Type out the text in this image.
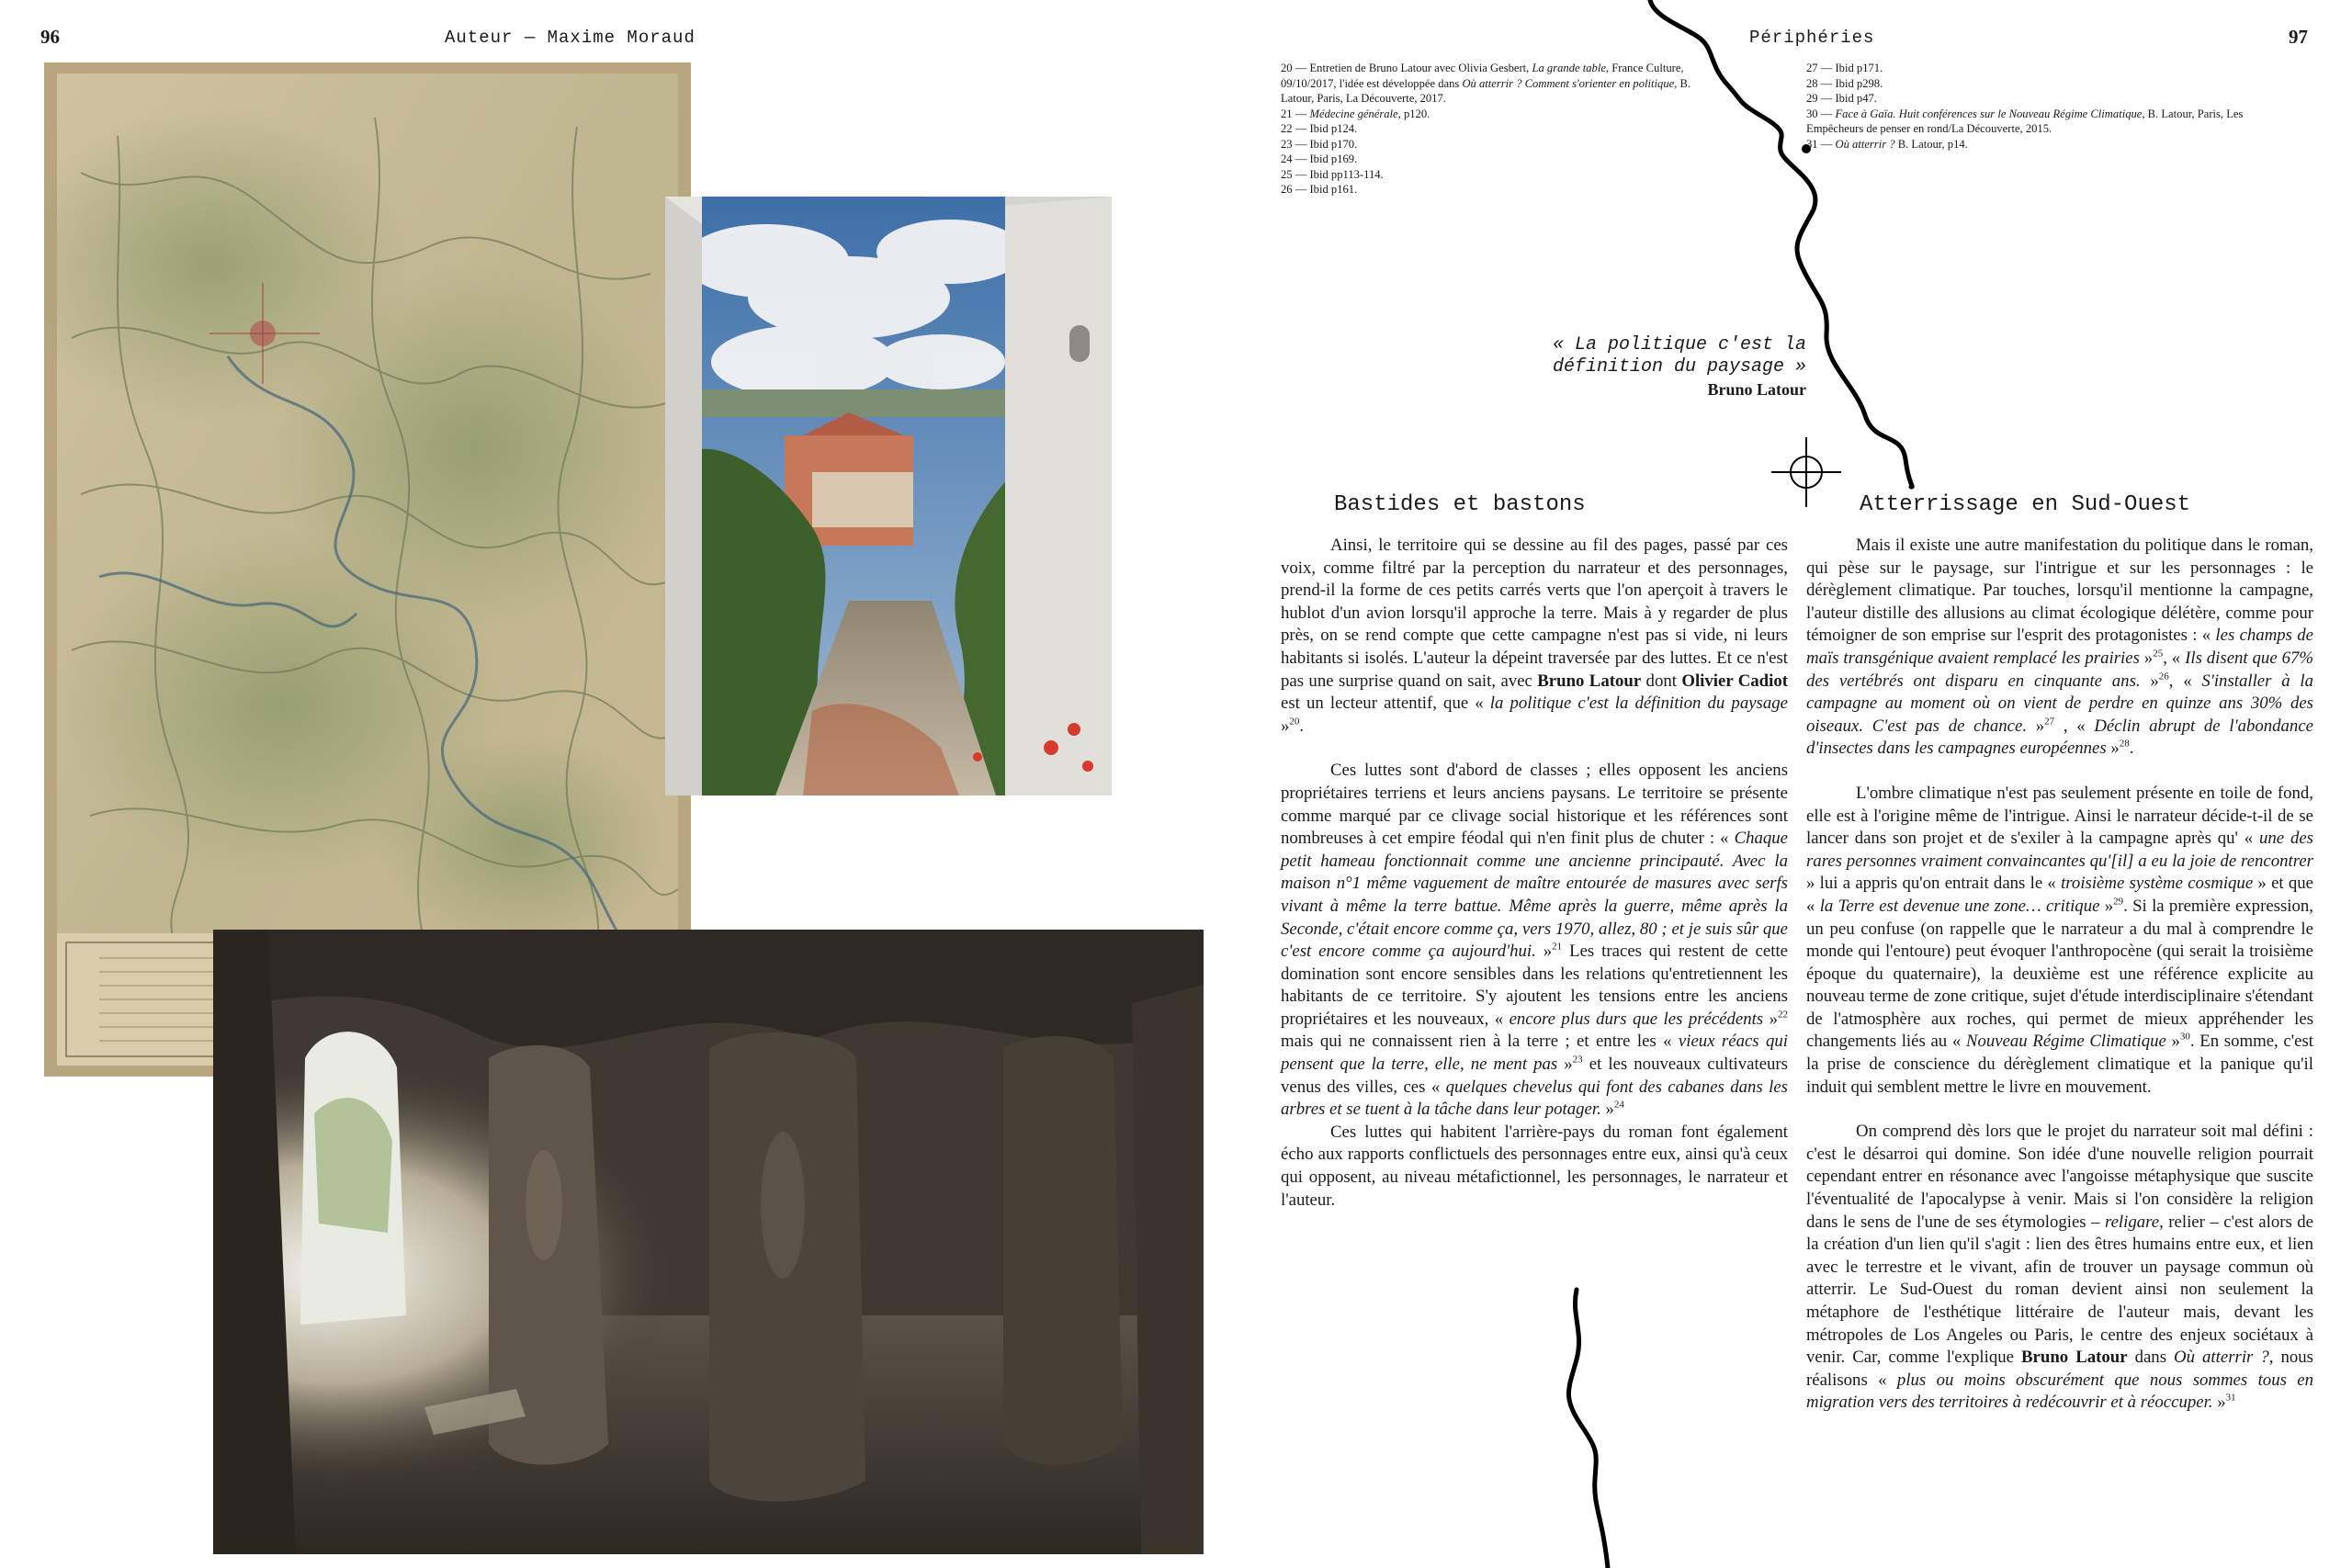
96	Auteur — Maxime Moraud	Périphéries	97
20 — Entretien de Bruno Latour avec Olivia Gesbert, La grande table, France Culture,
09/10/2017, l'idée est développée dans Où atterrir ? Comment s'orienter en politique, B.
Latour, Paris, La Découverte, 2017.
21 — Médecine générale, p120.
22 — Ibid p124.
23 — Ibid p170.
24 — Ibid p169.
25 — Ibid pp113-114.
26 — Ibid p161.
27 — Ibid p171.
28 — Ibid p298.
29 — Ibid p47.
30 — Face à Gaïa. Huit conférences sur le Nouveau Régime Climatique, B. Latour, Paris, Les
Empêcheurs de penser en rond/La Découverte, 2015.
31 — Où atterrir ? B. Latour, p14.
« La politique c'est la
définition du paysage »
Bruno Latour
Bastides et bastons	Atterrissage en Sud-Ouest

Ainsi, le territoire qui se dessine au fil des pages, passé par ces voix, comme filtré par la perception du narrateur et des personnages, prend-il la forme de ces petits carrés verts que l'on aperçoit à travers le hublot d'un avion lorsqu'il approche la terre. Mais à y regarder de plus près, on se rend compte que cette campagne n'est pas si vide, ni leurs habitants si isolés. L'auteur la dépeint traversée par des luttes. Et ce n'est pas une surprise quand on sait, avec Bruno Latour dont Olivier Cadiot est un lecteur attentif, que « la politique c'est la définition du paysage »$^{20}$.

Ces luttes sont d'abord de classes ; elles opposent les anciens propriétaires terriens et leurs anciens paysans. Le territoire se présente comme marqué par ce clivage social historique et les références sont nombreuses à cet empire féodal qui n'en finit plus de chuter : « Chaque petit hameau fonctionnait comme une ancienne principauté. Avec la maison n°1 même vaguement de maître entourée de masures avec serfs vivant à même la terre battue. Même après la guerre, même après la Seconde, c'était encore comme ça, vers 1970, allez, 80 ; et je suis sûr que c'est encore comme ça aujourd'hui. »$^{21}$ Les traces qui restent de cette domination sont encore sensibles dans les relations qu'entretiennent les habitants de ce territoire. S'y ajoutent les tensions entre les anciens propriétaires et les nouveaux, « encore plus durs que les précédents »$^{22}$ mais qui ne connaissent rien à la terre ; et entre les « vieux réacs qui pensent que la terre, elle, ne ment pas »$^{23}$ et les nouveaux cultivateurs venus des villes, ces « quelques chevelus qui font des cabanes dans les arbres et se tuent à la tâche dans leur potager. »$^{24}$

Ces luttes qui habitent l'arrière-pays du roman font également écho aux rapports conflictuels des personnages entre eux, ainsi qu'à ceux qui opposent, au niveau métafictionnel, les personnages, le narrateur et l'auteur.

Mais il existe une autre manifestation du politique dans le roman, qui pèse sur le paysage, sur l'intrigue et sur les personnages : le dérèglement climatique. Par touches, lorsqu'il mentionne la campagne, l'auteur distille des allusions au climat écologique délétère, comme pour témoigner de son emprise sur l'esprit des protagonistes : « les champs de maïs transgénique avaient remplacé les prairies »$^{25}$, « Ils disent que 67% des vertébrés ont disparu en cinquante ans. »$^{26}$, « S'installer à la campagne au moment où on vient de perdre en quinze ans 30% des oiseaux. C'est pas de chance. »$^{27}$ , « Déclin abrupt de l'abondance d'insectes dans les campagnes européennes »$^{28}$.

L'ombre climatique n'est pas seulement présente en toile de fond, elle est à l'origine même de l'intrigue. Ainsi le narrateur décide-t-il de se lancer dans son projet et de s'exiler à la campagne après qu' « une des rares personnes vraiment convaincantes qu'[il] a eu la joie de rencontrer » lui a appris qu'on entrait dans le « troisième système cosmique » et que « la Terre est devenue une zone… critique »$^{29}$. Si la première expression, un peu confuse (on rappelle que le narrateur a du mal à comprendre le monde qui l'entoure) peut évoquer l'anthropocène (qui serait la troisième époque du quaternaire), la deuxième est une référence explicite au nouveau terme de zone critique, sujet d'étude interdisciplinaire s'étendant de l'atmosphère aux roches, qui permet de mieux appréhender les changements liés au « Nouveau Régime Climatique »$^{30}$. En somme, c'est la prise de conscience du dérèglement climatique et la panique qu'il induit qui semblent mettre le livre en mouvement.

On comprend dès lors que le projet du narrateur soit mal défini : c'est le désarroi qui domine. Son idée d'une nouvelle religion pourrait cependant entrer en résonance avec l'angoisse métaphysique que suscite l'éventualité de l'apocalypse à venir. Mais si l'on considère la religion dans le sens de l'une de ses étymologies – religare, relier – c'est alors de la création d'un lien qu'il s'agit : lien des êtres humains entre eux, et lien avec le terrestre et le vivant, afin de trouver un paysage commun où atterrir. Le Sud-Ouest du roman devient ainsi non seulement la métaphore de l'esthétique littéraire de l'auteur mais, devant les métropoles de Los Angeles ou Paris, le centre des enjeux sociétaux à venir. Car, comme l'explique Bruno Latour dans Où atterrir ?, nous réalisons « plus ou moins obscurément que nous sommes tous en migration vers des territoires à redécouvrir et à réoccuper. »$^{31}$
